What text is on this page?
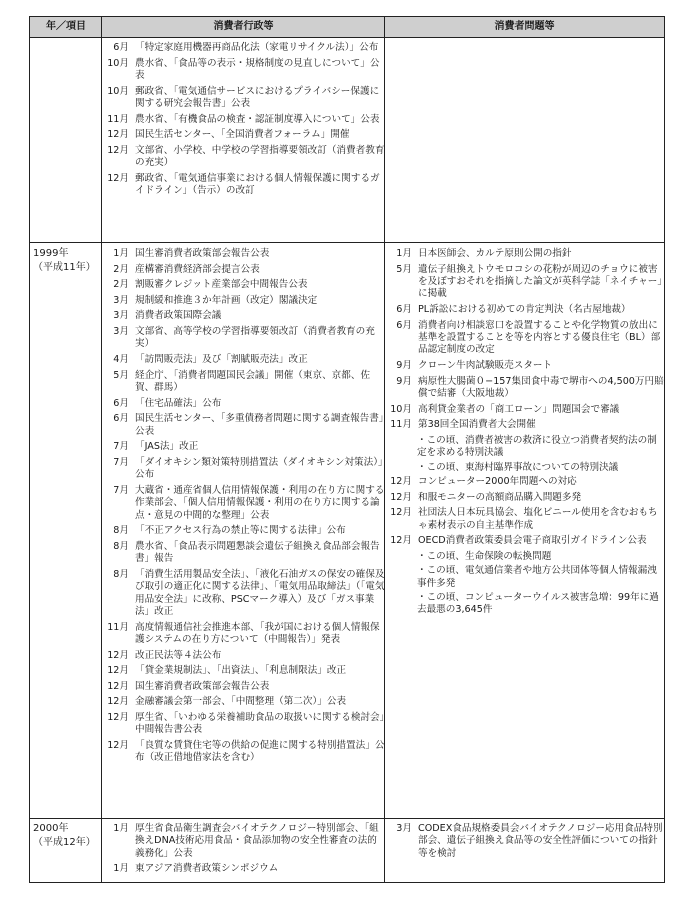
年／項目	消費者行政等	消費者問題等
6月 「特定家庭用機器再商品化法（家電リサイクル法）」公布
10月 農水省、「食品等の表示・規格制度の見直しについて」公表
10月 郵政省、「電気通信サービスにおけるプライバシー保護に関する研究会報告書」公表
11月 農水省、「有機食品の検査・認証制度導入について」公表
12月 国民生活センター、「全国消費者フォーラム」開催
12月 文部省、小学校、中学校の学習指導要領改訂（消費者教育の充実）
12月 郵政省、「電気通信事業における個人情報保護に関するガイドライン」（告示）の改訂
1999年
（平成11年）
1月 国生審消費者政策部会報告公表
2月 産構審消費経済部会提言公表
2月 割販審クレジット産業部会中間報告公表
3月 規制緩和推進３か年計画（改定）閣議決定
3月 消費者政策国際会議
3月 文部省、高等学校の学習指導要領改訂（消費者教育の充実）
4月 「訪問販売法」及び「割賦販売法」改正
5月 経企庁、「消費者問題国民会議」開催（東京、京都、佐賀、群馬）
6月 「住宅品確法」公布
6月 国民生活センター、「多重債務者問題に関する調査報告書」公表
7月 「JAS法」改正
7月 「ダイオキシン類対策特別措置法（ダイオキシン対策法）」公布
7月 大蔵省・通産省個人信用情報保護・利用の在り方に関する作業部会、「個人信用情報保護・利用の在り方に関する論点・意見の中間的な整理」公表
8月 「不正アクセス行為の禁止等に関する法律」公布
8月 農水省、「食品表示問題懇談会遺伝子組換え食品部会報告書」報告
8月 「消費生活用製品安全法」、「液化石油ガスの保安の確保及び取引の適正化に関する法律」、「電気用品取締法」（「電気用品安全法」に改称、PSCマーク導入）及び「ガス事業法」改正
11月 高度情報通信社会推進本部、「我が国における個人情報保護システムの在り方について（中間報告）」発表
12月 改正民法等４法公布
12月 「貸金業規制法」、「出資法」、「利息制限法」改正
12月 国生審消費者政策部会報告公表
12月 金融審議会第一部会、「中間整理（第二次）」公表
12月 厚生省、「いわゆる栄養補助食品の取扱いに関する検討会」中間報告書公表
12月 「良質な賃貸住宅等の供給の促進に関する特別措置法」公布（改正借地借家法を含む）
1月 日本医師会、カルテ原則公開の指針
5月 遺伝子組換えトウモロコシの花粉が周辺のチョウに被害を及ぼすおそれを指摘した論文が英科学誌「ネイチャー」に掲載
6月 PL訴訟における初めての肯定判決（名古屋地裁）
6月 消費者向け相談窓口を設置することや化学物質の放出に基準を設置することを等を内容とする優良住宅（BL）部品認定制度の改定
9月 クローン牛肉試験販売スタート
9月 病原性大腸菌０−157集団食中毒で堺市への4,500万円賠償で結審（大阪地裁）
10月 高利貸金業者の「商工ローン」問題国会で審議
11月 第38回全国消費者大会開催
・この頃、消費者被害の救済に役立つ消費者契約法の制定を求める特別決議
・この頃、東海村臨界事故についての特別決議
12月 コンピューター2000年問題への対応
12月 和服モニターの高額商品購入問題多発
12月 社団法人日本玩具協会、塩化ビニール使用を含むおもちゃ素材表示の自主基準作成
12月 OECD消費者政策委員会電子商取引ガイドライン公表
・この頃、生命保険の転換問題
・この頃、電気通信業者や地方公共団体等個人情報漏洩事件多発
・この頃、コンピューターウイルス被害急増：99年に過去最悪の3,645件
2000年
（平成12年）
1月 厚生省食品衛生調査会バイオテクノロジー特別部会、「組換えDNA技術応用食品・食品添加物の安全性審査の法的義務化」公表
1月 東アジア消費者政策シンポジウム
3月 CODEX食品規格委員会バイオテクノロジー応用食品特別部会、遺伝子組換え食品等の安全性評価についての指針等を検討
